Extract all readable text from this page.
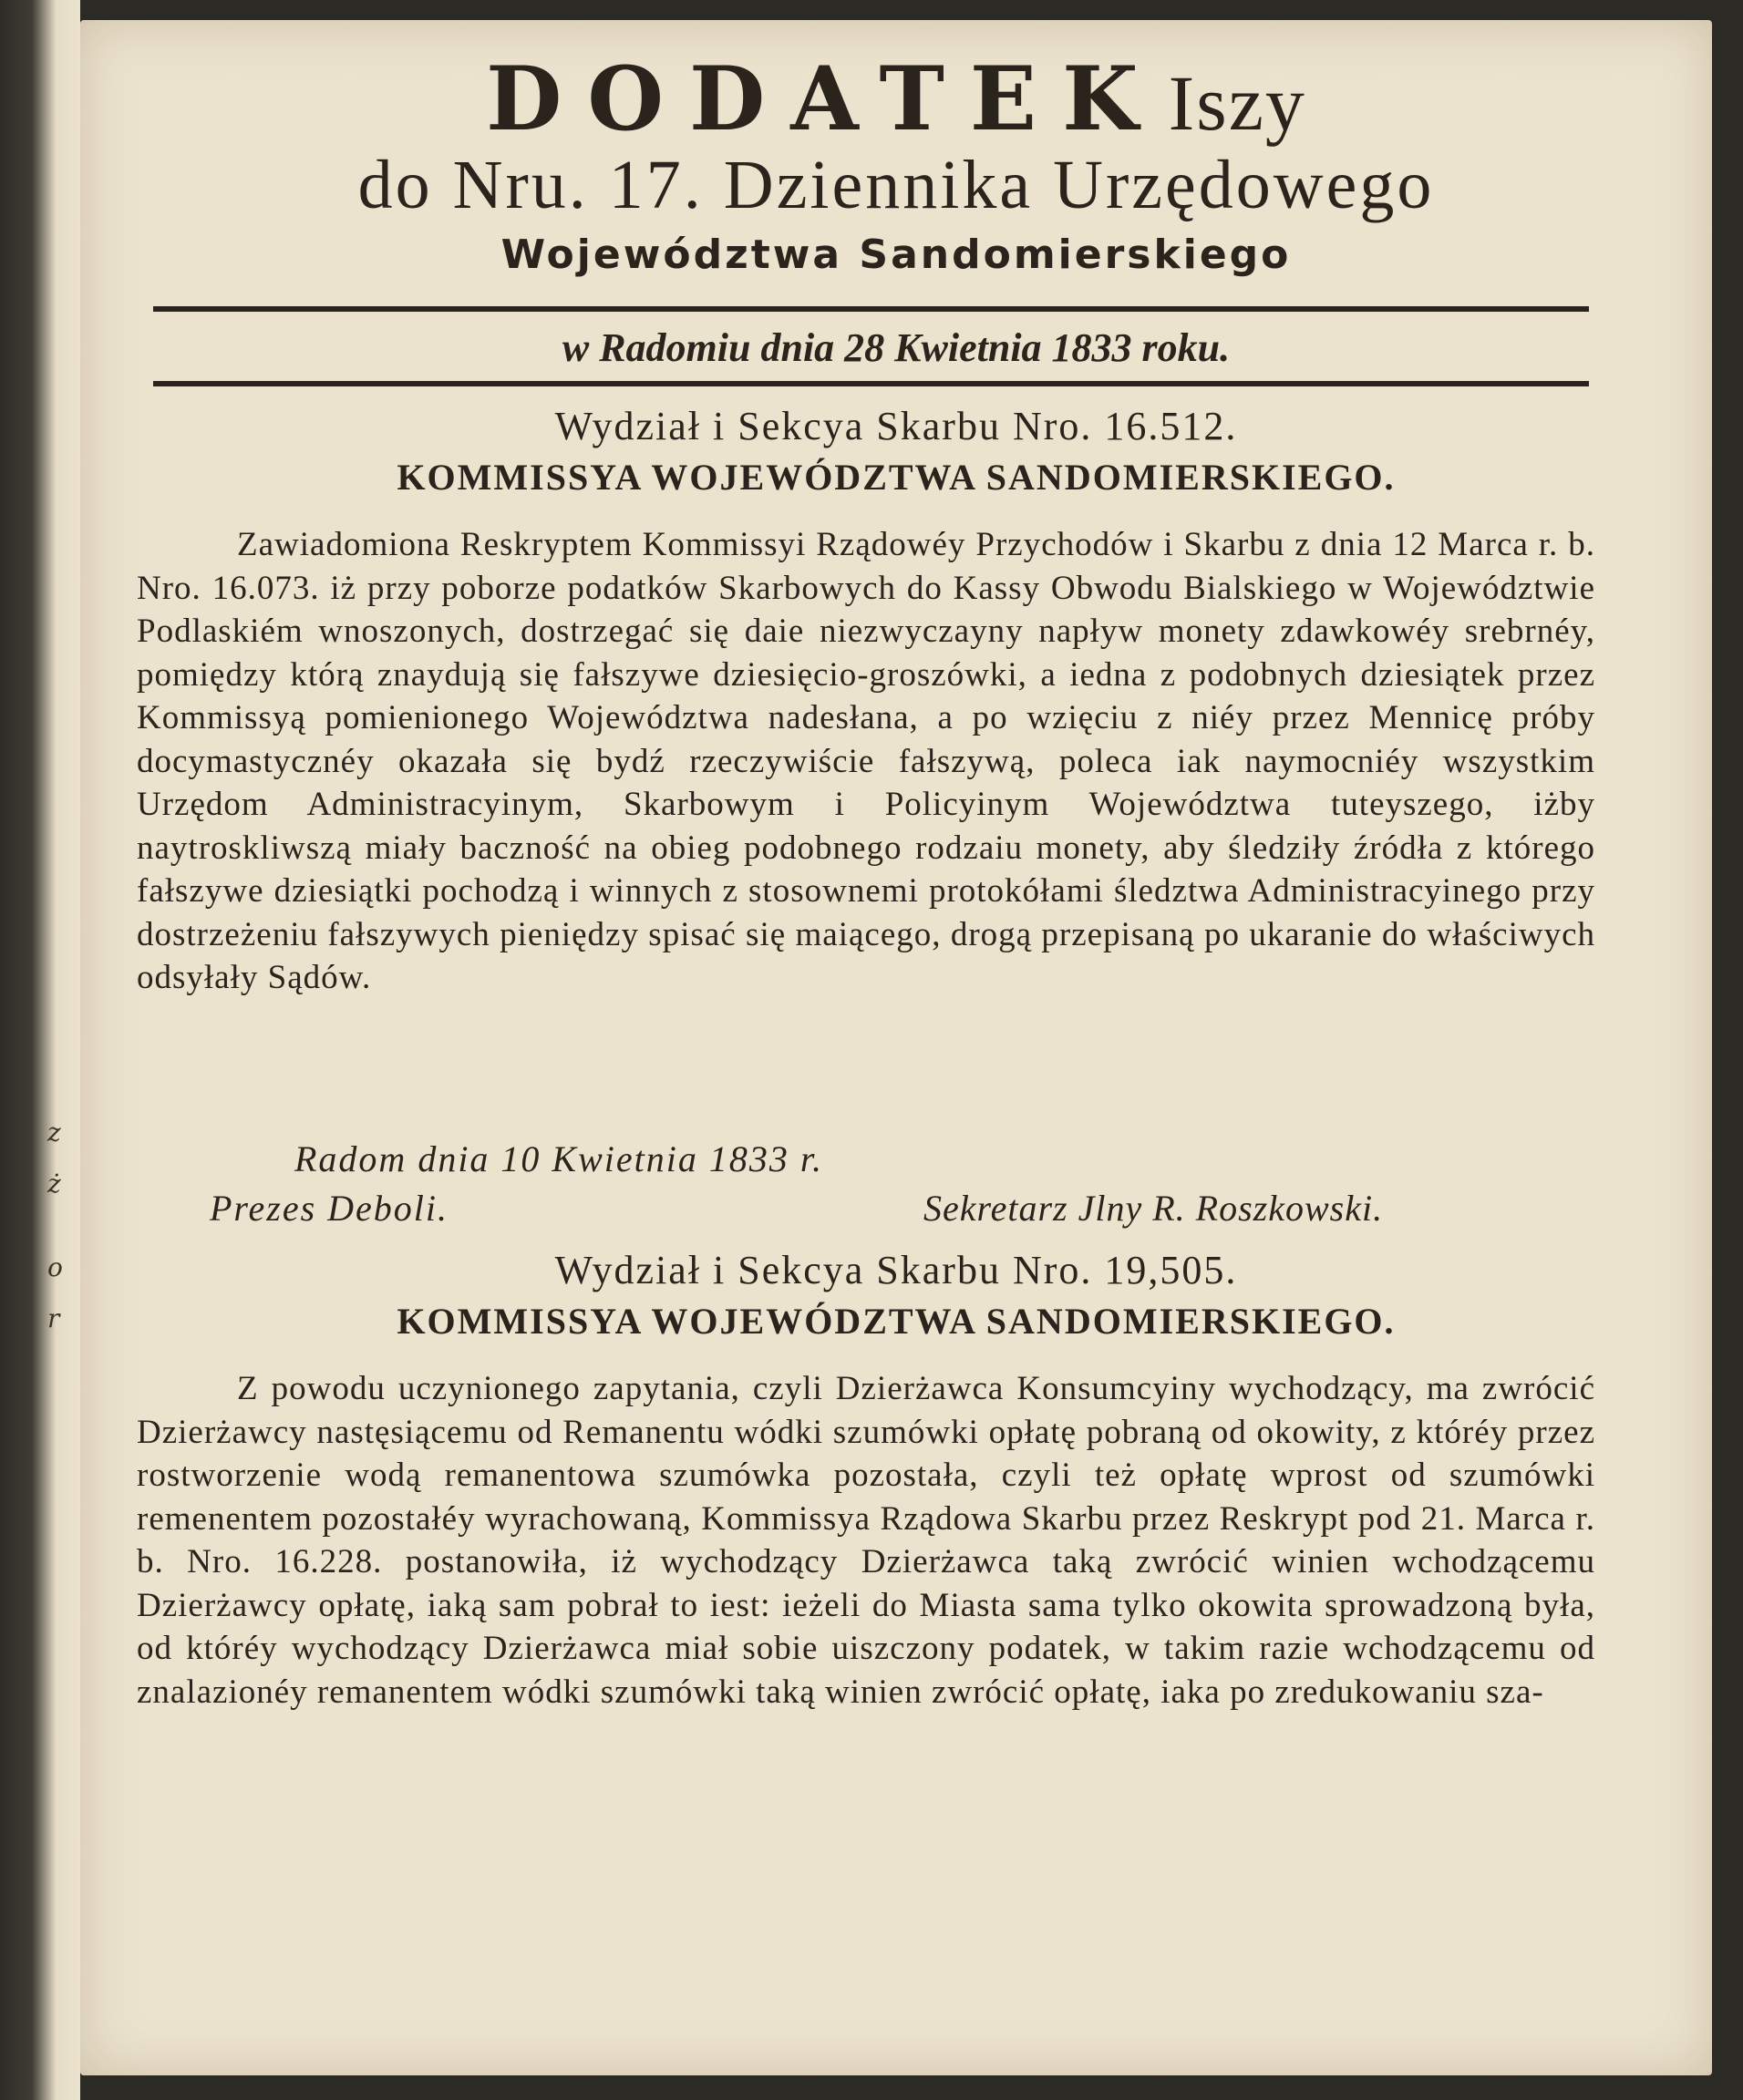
z
ż
o
r
DODATEK Iszy
do Nru. 17. Dziennika Urzędowego
Województwa Sandomierskiego
w Radomiu dnia 28 Kwietnia 1833 roku.
Wydział i Sekcya Skarbu Nro. 16.512.
KOMMISSYA WOJEWÓDZTWA SANDOMIERSKIEGO.
Zawiadomiona Reskryptem Kommissyi Rządowéy Przychodów i Skarbu z dnia 12 Marca r. b. Nro. 16.073. iż przy poborze podatków Skarbowych do Kassy Obwodu Bialskiego w Województwie Podlaskiém wnoszonych, dostrzegać się daie niezwyczayny napływ monety zdawkowéy srebrnéy, pomiędzy którą znaydują się fałszywe dziesięcio-groszówki, a iedna z podobnych dziesiątek przez Kommissyą pomienionego Województwa nadesłana, a po wzięciu z niéy przez Mennicę próby docymastycznéy okazała się bydź rzeczywiście fałszywą, poleca iak naymocniéy wszystkim Urzędom Administracyinym, Skarbowym i Policyinym Województwa tuteyszego, iżby naytroskliwszą miały baczność na obieg podobnego rodzaiu monety, aby śledziły źródła z którego fałszywe dziesiątki pochodzą i winnych z stosownemi protokółami śledztwa Administracyinego przy dostrzeżeniu fałszywych pieniędzy spisać się maiącego, drogą przepisaną po ukaranie do właściwych odsyłały Sądów.
Radom dnia 10 Kwietnia 1833 r.
Prezes Deboli.	Sekretarz Jlny R. Roszkowski.
Wydział i Sekcya Skarbu Nro. 19,505.
KOMMISSYA WOJEWÓDZTWA SANDOMIERSKIEGO.
Z powodu uczynionego zapytania, czyli Dzierżawca Konsumcyiny wychodzący, ma zwrócić Dzierżawcy nastęsiącemu od Remanentu wódki szumówki opłatę pobraną od okowity, z któréy przez rostworzenie wodą remanentowa szumówka pozostała, czyli też opłatę wprost od szumówki remenentem pozostałéy wyrachowaną, Kommissya Rządowa Skarbu przez Reskrypt pod 21. Marca r. b. Nro. 16.228. postanowiła, iż wychodzący Dzierżawca taką zwrócić winien wchodzącemu Dzierżawcy opłatę, iaką sam pobrał to iest: ieżeli do Miasta sama tylko okowita sprowadzoną była, od któréy wychodzący Dzierżawca miał sobie uiszczony podatek, w takim razie wchodzącemu od znalazionéy remanentem wódki szumówki taką winien zwrócić opłatę, iaka po zredukowaniu sza-
